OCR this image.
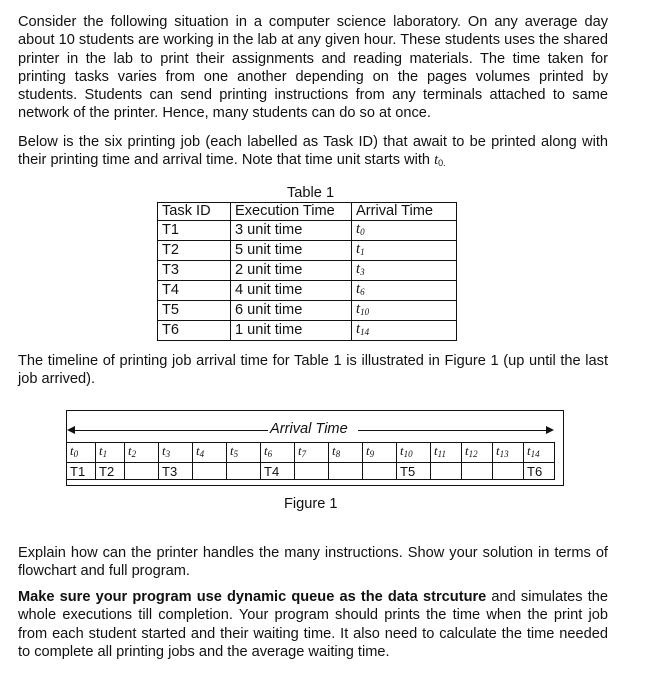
Consider the following situation in a computer science laboratory. On any average day about 10 students are working in the lab at any given hour. These students uses the shared printer in the lab to print their assignments and reading materials. The time taken for printing tasks varies from one another depending on the pages volumes printed by students. Students can send printing instructions from any terminals attached to same network of the printer. Hence, many students can do so at once.

Below is the six printing job (each labelled as Task ID) that await to be printed along with their printing time and arrival time. Note that time unit starts with $t_{0.}$

Table 1
Task ID	Execution Time	Arrival Time
T1	3 unit time	$t_0$
T2	5 unit time	$t_1$
T3	2 unit time	$t_3$
T4	4 unit time	$t_6$
T5	6 unit time	$t_{10}$
T6	1 unit time	$t_{14}$

The timeline of printing job arrival time for Table 1 is illustrated in Figure 1 (up until the last job arrived).

Arrival Time
$t_0$	$t_1$	$t_2$	$t_3$	$t_4$	$t_5$	$t_6$	$t_7$	$t_8$	$t_9$	$t_{10}$	$t_{11}$	$t_{12}$	$t_{13}$	$t_{14}$
T1	T2		T3			T4				T5				T6
Figure 1

Explain how can the printer handles the many instructions. Show your solution in terms of flowchart and full program.

Make sure your program use dynamic queue as the data strcuture and simulates the whole executions till completion. Your program should prints the time when the print job from each student started and their waiting time. It also need to calculate the time needed to complete all printing jobs and the average waiting time.
